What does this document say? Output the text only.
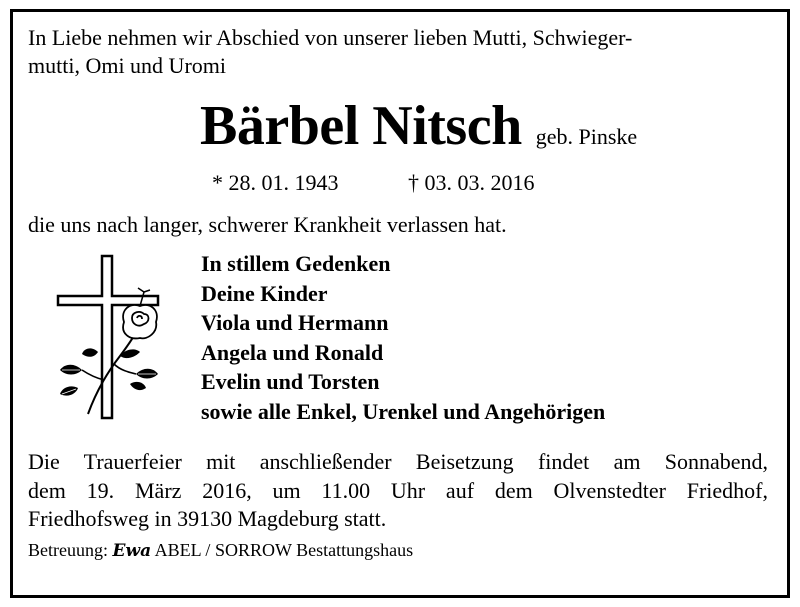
In Liebe nehmen wir Abschied von unserer lieben Mutti, Schwieger-
mutti, Omi und Uromi

Bärbel Nitsch geb. Pinske
* 28. 01. 1943	† 03. 03. 2016
die uns nach langer, schwerer Krankheit verlassen hat.
In stillem Gedenken
Deine Kinder
Viola und Hermann
Angela und Ronald
Evelin und Torsten
sowie alle Enkel, Urenkel und Angehörigen

Die Trauerfeier mit anschließender Beisetzung findet am Sonnabend,
dem 19. März 2016, um 11.00 Uhr auf dem Olvenstedter Friedhof,
Friedhofsweg in 39130 Magdeburg statt.

Betreuung: Ewa ABEL / SORROW Bestattungshaus
